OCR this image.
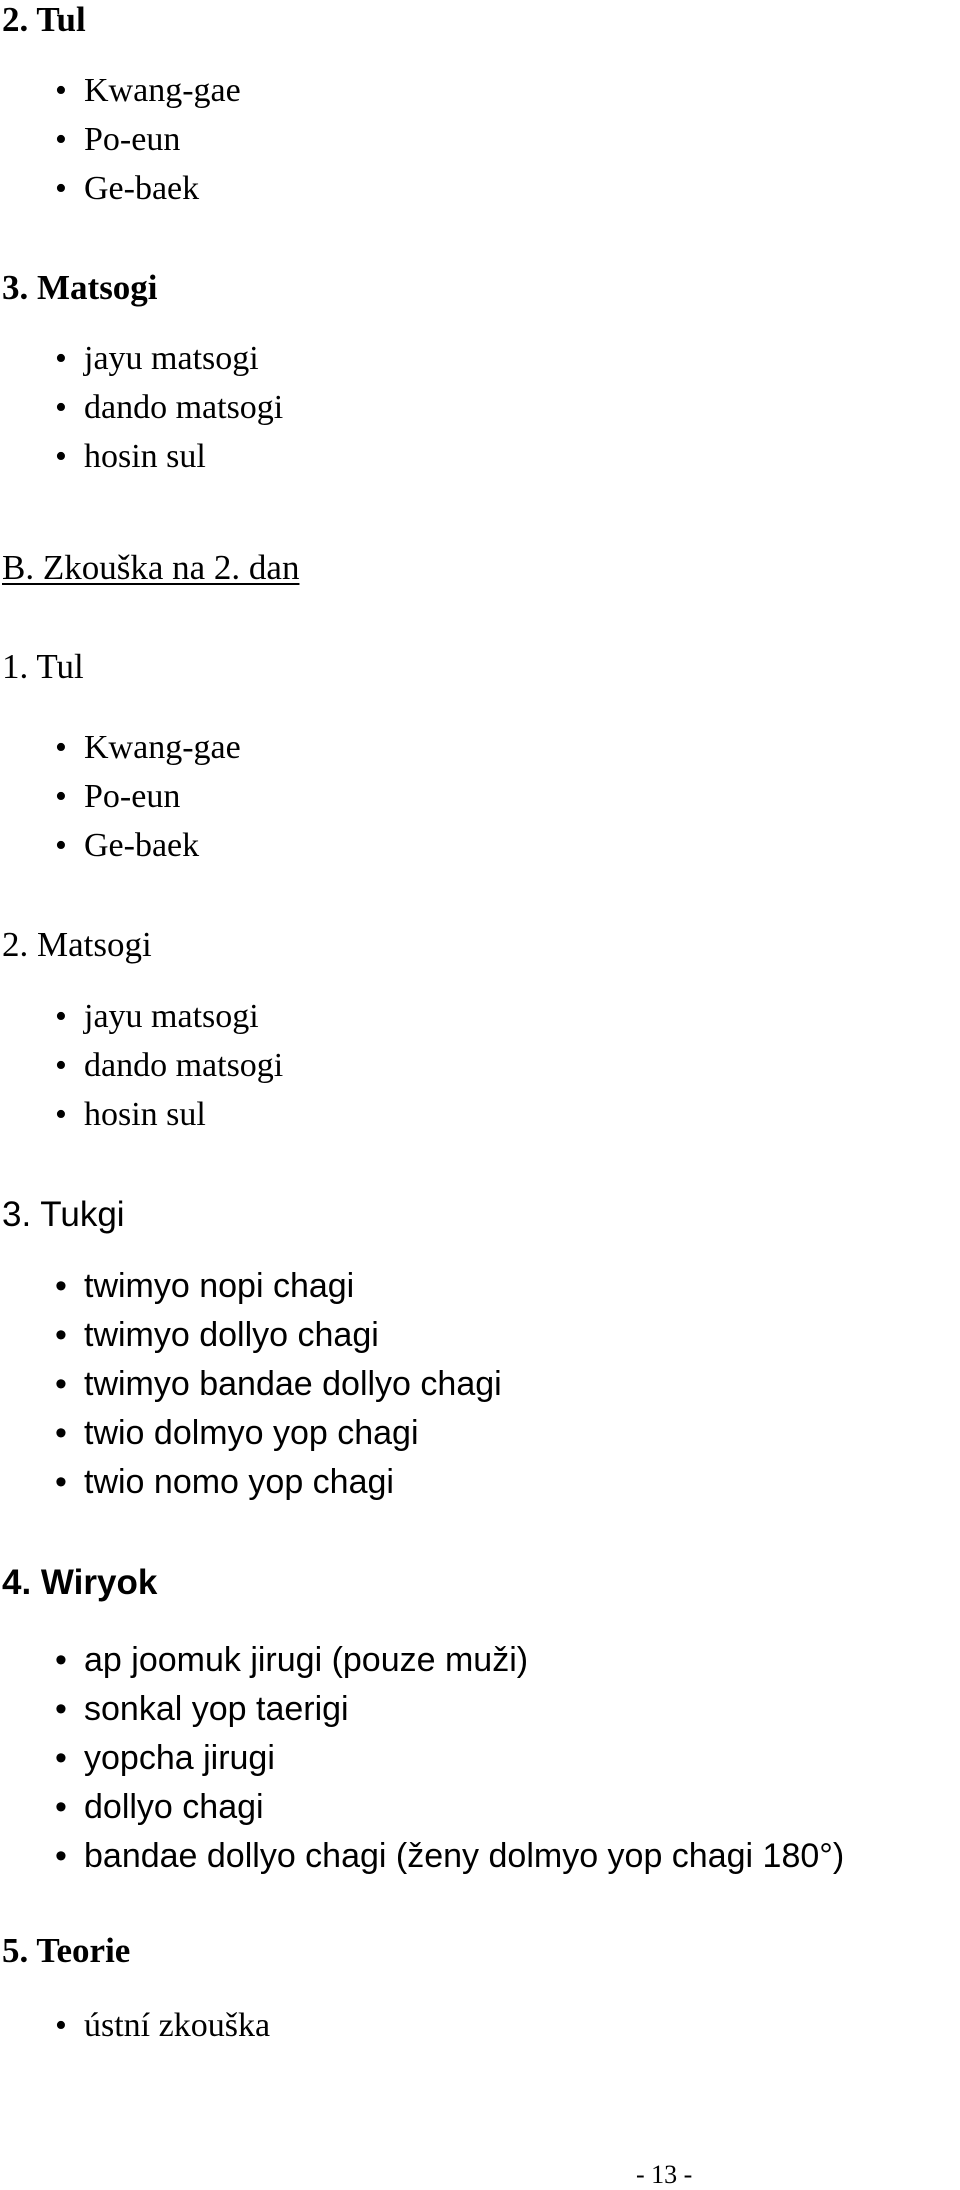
2. Tul
• Kwang-gae
• Po-eun
• Ge-baek
3. Matsogi
• jayu matsogi
• dando matsogi
• hosin sul
B. Zkouška na 2. dan
1. Tul
• Kwang-gae
• Po-eun
• Ge-baek
2. Matsogi
• jayu matsogi
• dando matsogi
• hosin sul
3. Tukgi
• twimyo nopi chagi
• twimyo dollyo chagi
• twimyo bandae dollyo chagi
• twio dolmyo yop chagi
• twio nomo yop chagi
4. Wiryok
• ap joomuk jirugi (pouze muži)
• sonkal yop taerigi
• yopcha jirugi
• dollyo chagi
• bandae dollyo chagi (ženy dolmyo yop chagi 180°)
5. Teorie
• ústní zkouška
- 13 -
